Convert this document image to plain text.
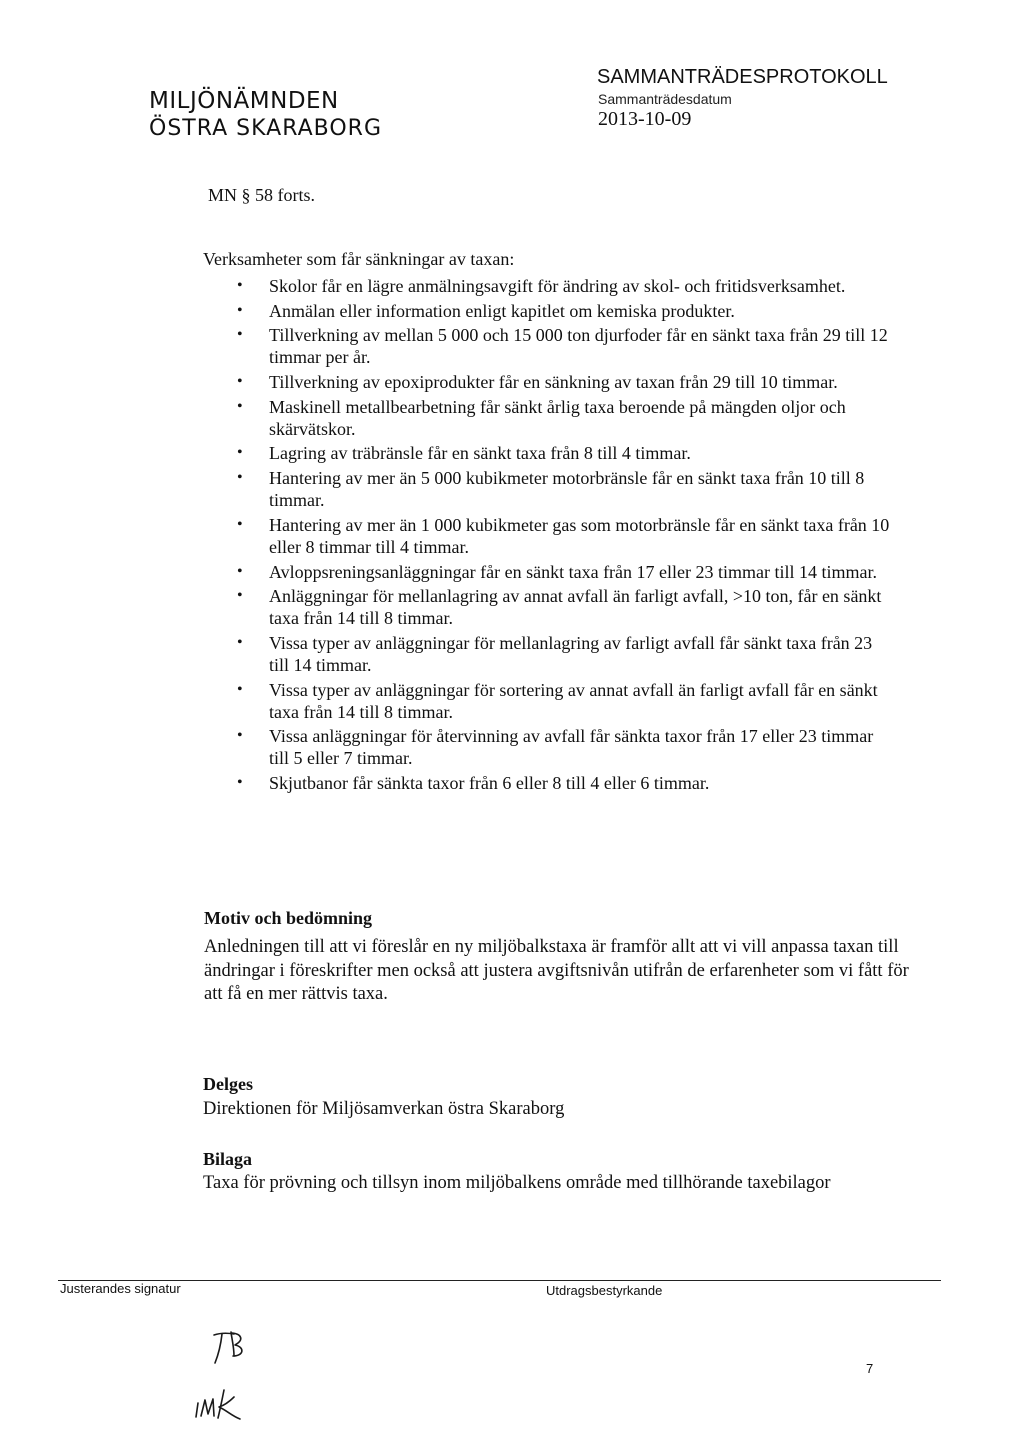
MILJÖNÄMNDEN
ÖSTRA SKARABORG
SAMMANTRÄDESPROTOKOLL
Sammanträdesdatum
2013-10-09
MN § 58 forts.
Verksamheter som får sänkningar av taxan:
• Skolor får en lägre anmälningsavgift för ändring av skol- och fritidsverksamhet.
• Anmälan eller information enligt kapitlet om kemiska produkter.
• Tillverkning av mellan 5 000 och 15 000 ton djurfoder får en sänkt taxa från 29 till 12 timmar per år.
• Tillverkning av epoxiprodukter får en sänkning av taxan från 29 till 10 timmar.
• Maskinell metallbearbetning får sänkt årlig taxa beroende på mängden oljor och skärvätskor.
• Lagring av träbränsle får en sänkt taxa från 8 till 4 timmar.
• Hantering av mer än 5 000 kubikmeter motorbränsle får en sänkt taxa från 10 till 8 timmar.
• Hantering av mer än 1 000 kubikmeter gas som motorbränsle får en sänkt taxa från 10 eller 8 timmar till 4 timmar.
• Avloppsreningsanläggningar får en sänkt taxa från 17 eller 23 timmar till 14 timmar.
• Anläggningar för mellanlagring av annat avfall än farligt avfall, >10 ton, får en sänkt taxa från 14 till 8 timmar.
• Vissa typer av anläggningar för mellanlagring av farligt avfall får sänkt taxa från 23 till 14 timmar.
• Vissa typer av anläggningar för sortering av annat avfall än farligt avfall får en sänkt taxa från 14 till 8 timmar.
• Vissa anläggningar för återvinning av avfall får sänkta taxor från 17 eller 23 timmar till 5 eller 7 timmar.
• Skjutbanor får sänkta taxor från 6 eller 8 till 4 eller 6 timmar.
Motiv och bedömning
Anledningen till att vi föreslår en ny miljöbalkstaxa är framför allt att vi vill anpassa taxan till ändringar i föreskrifter men också att justera avgiftsnivån utifrån de erfarenheter som vi fått för att få en mer rättvis taxa.
Delges
Direktionen för Miljösamverkan östra Skaraborg
Bilaga
Taxa för prövning och tillsyn inom miljöbalkens område med tillhörande taxebilagor
Justerandes signatur	Utdragsbestyrkande
7
